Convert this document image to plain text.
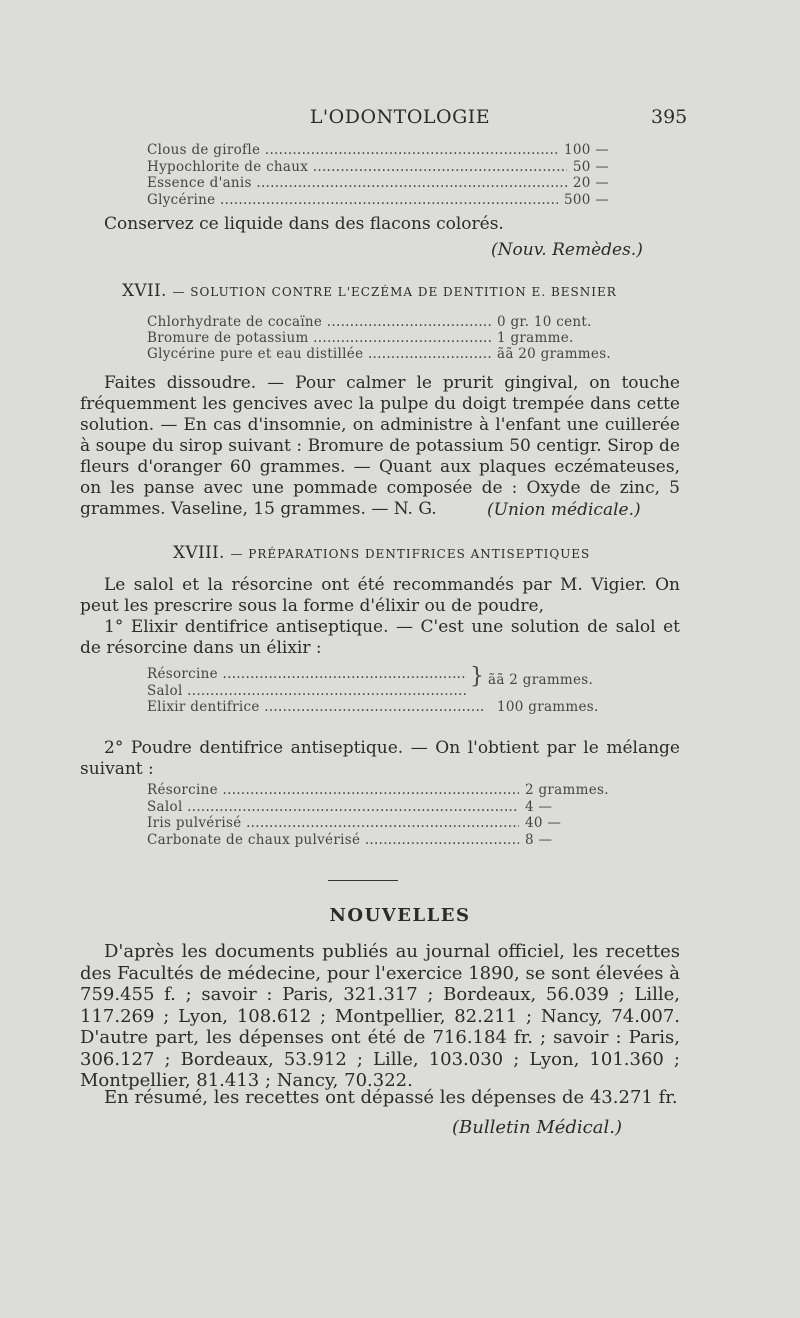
L'ODONTOLOGIE	395
Clous de girofle .....	100 —
Hypochlorite de chaux .....	50 —
Essence d'anis .....	20 —
Glycérine .....	500 —
Conservez ce liquide dans des flacons colorés.
(Nouv. Remèdes.)
XVII. — SOLUTION CONTRE L'ECZÉMA DE DENTITION E. BESNIER
Chlorhydrate de cocaïne .....	0 gr. 10 cent.
Bromure de potassium .....	1 gramme.
Glycérine pure et eau distillée .....	ãã 20 grammes.
Faites dissoudre. — Pour calmer le prurit gingival, on touche fréquemment les gencives avec la pulpe du doigt trempée dans cette solution. — En cas d'insomnie, on administre à l'enfant une cuillerée à soupe du sirop suivant : Bromure de potassium 50 centigr. Sirop de fleurs d'oranger 60 grammes. — Quant aux plaques eczémateuses, on les panse avec une pommade composée de : Oxyde de zinc, 5 grammes. Vaseline, 15 grammes. — N. G.	(Union médicale.)
XVIII. — PRÉPARATIONS DENTIFRICES ANTISEPTIQUES
Le salol et la résorcine ont été recommandés par M. Vigier. On peut les prescrire sous la forme d'élixir ou de poudre,
1° Elixir dentifrice antiseptique. — C'est une solution de salol et de résorcine dans un élixir :
Résorcine .....
Salol .....
} ãã 2 grammes.
Elixir dentifrice .....	100 grammes.
2° Poudre dentifrice antiseptique. — On l'obtient par le mélange suivant :
Résorcine .....	2 grammes.
Salol .....	4 —
Iris pulvérisé .....	40 —
Carbonate de chaux pulvérisé .....	8 —
NOUVELLES
D'après les documents publiés au journal officiel, les recettes des Facultés de médecine, pour l'exercice 1890, se sont élevées à 759.455 f. ; savoir : Paris, 321.317 ; Bordeaux, 56.039 ; Lille, 117.269 ; Lyon, 108.612 ; Montpellier, 82.211 ; Nancy, 74.007. D'autre part, les dépenses ont été de 716.184 fr. ; savoir : Paris, 306.127 ; Bordeaux, 53.912 ; Lille, 103.030 ; Lyon, 101.360 ; Montpellier, 81.413 ; Nancy, 70.322.
En résumé, les recettes ont dépassé les dépenses de 43.271 fr.
(Bulletin Médical.)
